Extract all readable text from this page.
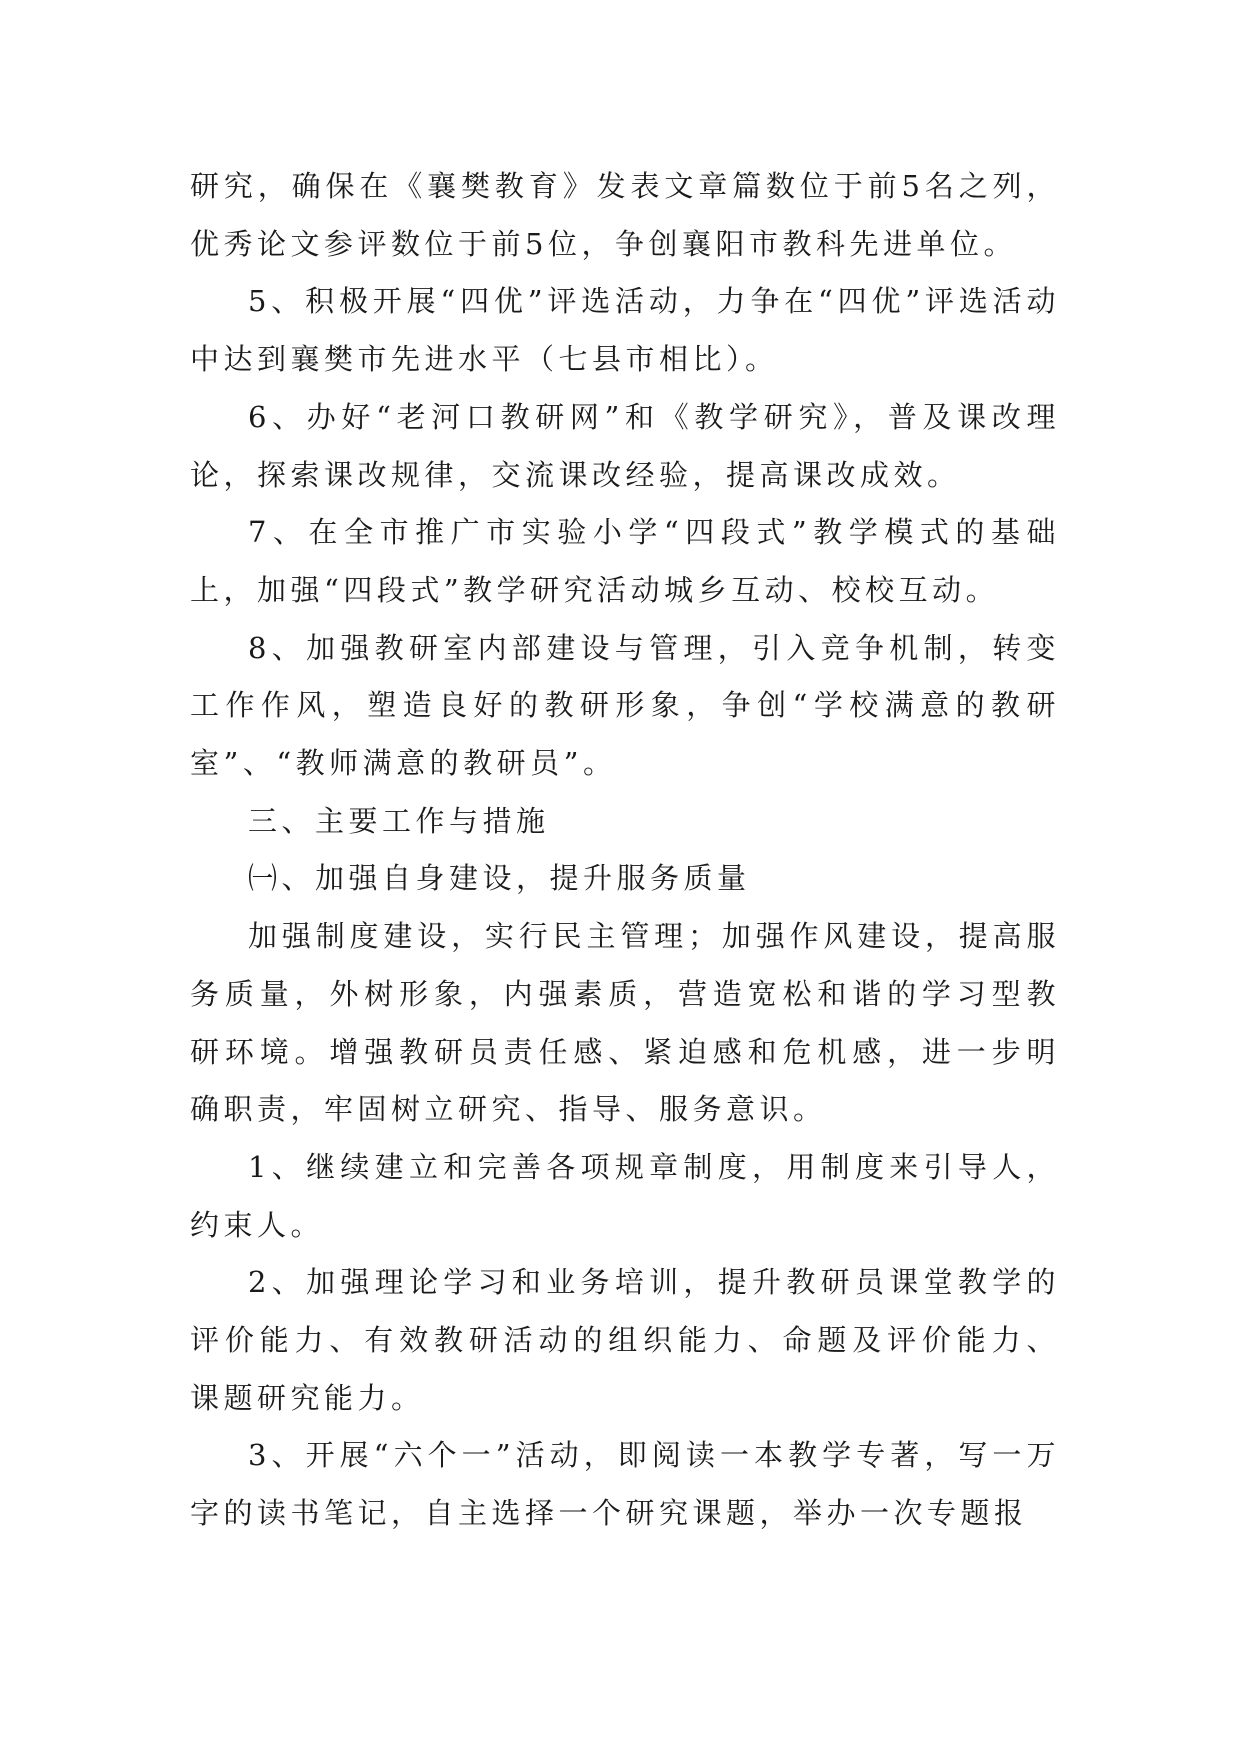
研究，确保在《襄樊教育》发表文章篇数位于前5名之列，优秀论文参评数位于前5位，争创襄阳市教科先进单位。

5、积极开展“四优”评选活动，力争在“四优”评选活动中达到襄樊市先进水平（七县市相比）。

6、办好“老河口教研网”和《教学研究》，普及课改理论，探索课改规律，交流课改经验，提高课改成效。

7、在全市推广市实验小学“四段式”教学模式的基础上，加强“四段式”教学研究活动城乡互动、校校互动。

8、加强教研室内部建设与管理，引入竞争机制，转变工作作风，塑造良好的教研形象，争创“学校满意的教研室”、“教师满意的教研员”。

三、主要工作与措施

㈠、加强自身建设，提升服务质量

加强制度建设，实行民主管理；加强作风建设，提高服务质量，外树形象，内强素质，营造宽松和谐的学习型教研环境。增强教研员责任感、紧迫感和危机感，进一步明确职责，牢固树立研究、指导、服务意识。

1、继续建立和完善各项规章制度，用制度来引导人，约束人。

2、加强理论学习和业务培训，提升教研员课堂教学的评价能力、有效教研活动的组织能力、命题及评价能力、课题研究能力。

3、开展“六个一”活动，即阅读一本教学专著，写一万字的读书笔记，自主选择一个研究课题，举办一次专题报
